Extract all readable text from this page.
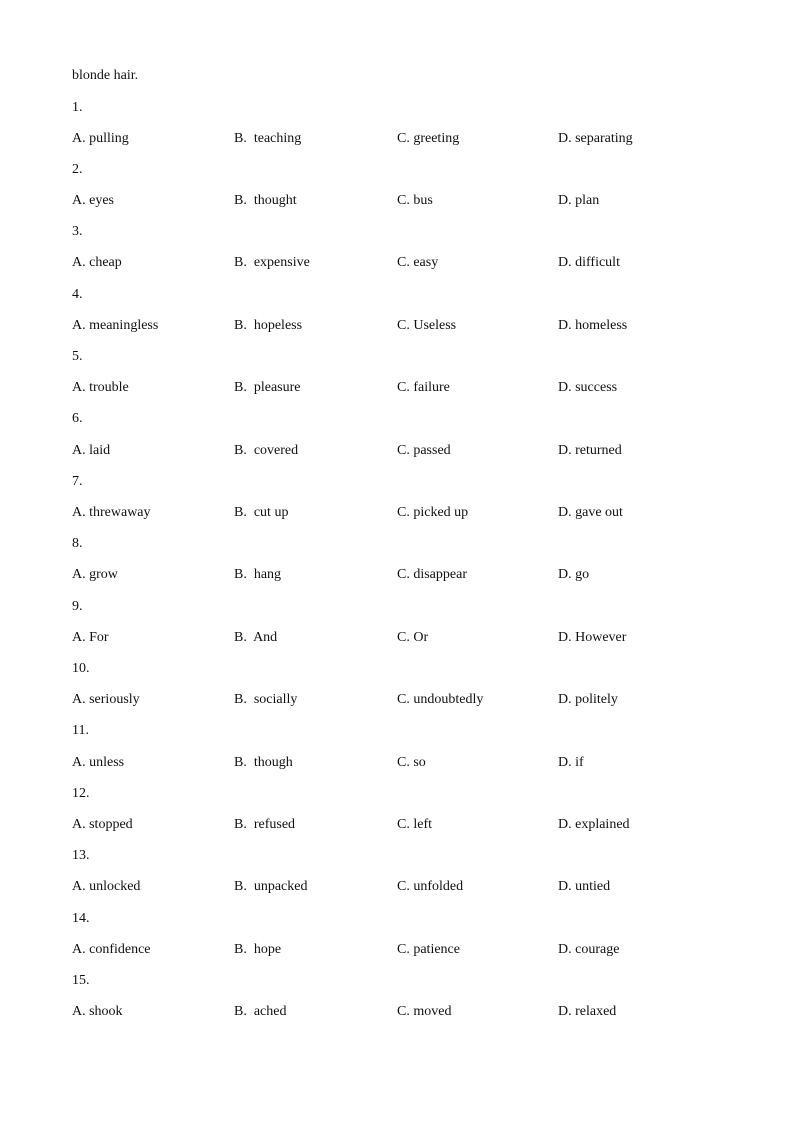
blonde hair.
1.
A. pulling	B.  teaching	C. greeting	D. separating
2.
A. eyes	B.  thought	C. bus	D. plan
3.
A. cheap	B.  expensive	C. easy	D. difficult
4.
A. meaningless	B.  hopeless	C. Useless	D. homeless
5.
A. trouble	B.  pleasure	C. failure	D. success
6.
A. laid	B.  covered	C. passed	D. returned
7.
A. threwaway	B.  cut up	C. picked up	D. gave out
8.
A. grow	B.  hang	C. disappear	D. go
9.
A. For	B.  And	C. Or	D. However
10.
A. seriously	B.  socially	C. undoubtedly	D. politely
11.
A. unless	B.  though	C. so	D. if
12.
A. stopped	B.  refused	C. left	D. explained
13.
A. unlocked	B.  unpacked	C. unfolded	D. untied
14.
A. confidence	B.  hope	C. patience	D. courage
15.
A. shook	B.  ached	C. moved	D. relaxed
